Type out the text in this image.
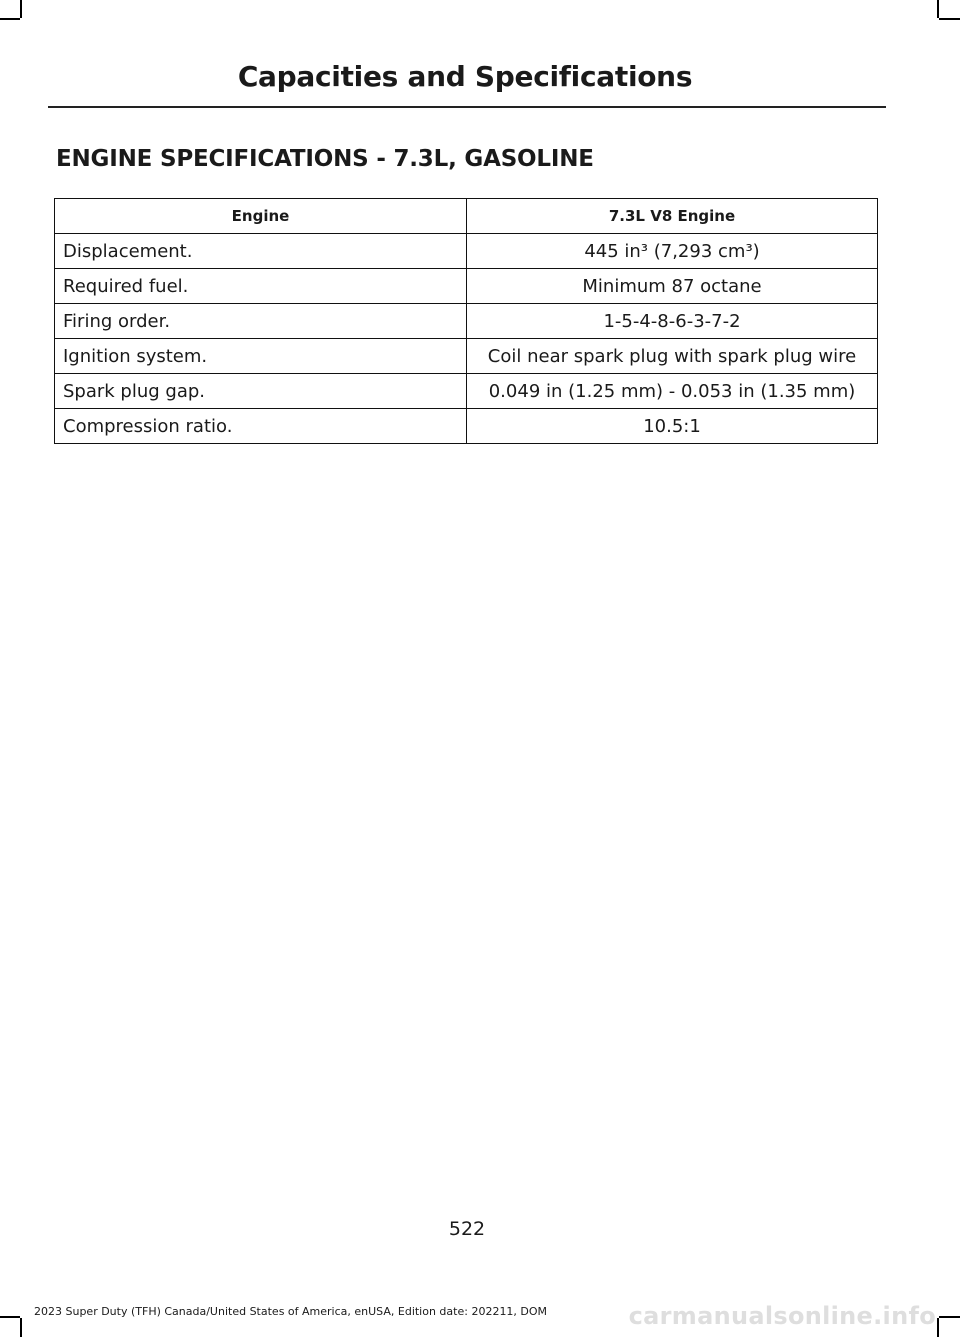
Capacities and Specifications
ENGINE SPECIFICATIONS - 7.3L, GASOLINE
Engine	7.3L V8 Engine
Displacement.	445 in³ (7,293 cm³)
Required fuel.	Minimum 87 octane
Firing order.	1-5-4-8-6-3-7-2
Ignition system.	Coil near spark plug with spark plug wire
Spark plug gap.	0.049 in (1.25 mm) - 0.053 in (1.35 mm)
Compression ratio.	10.5:1
522
2023 Super Duty (TFH) Canada/United States of America, enUSA, Edition date: 202211, DOM	carmanualsonline.info
